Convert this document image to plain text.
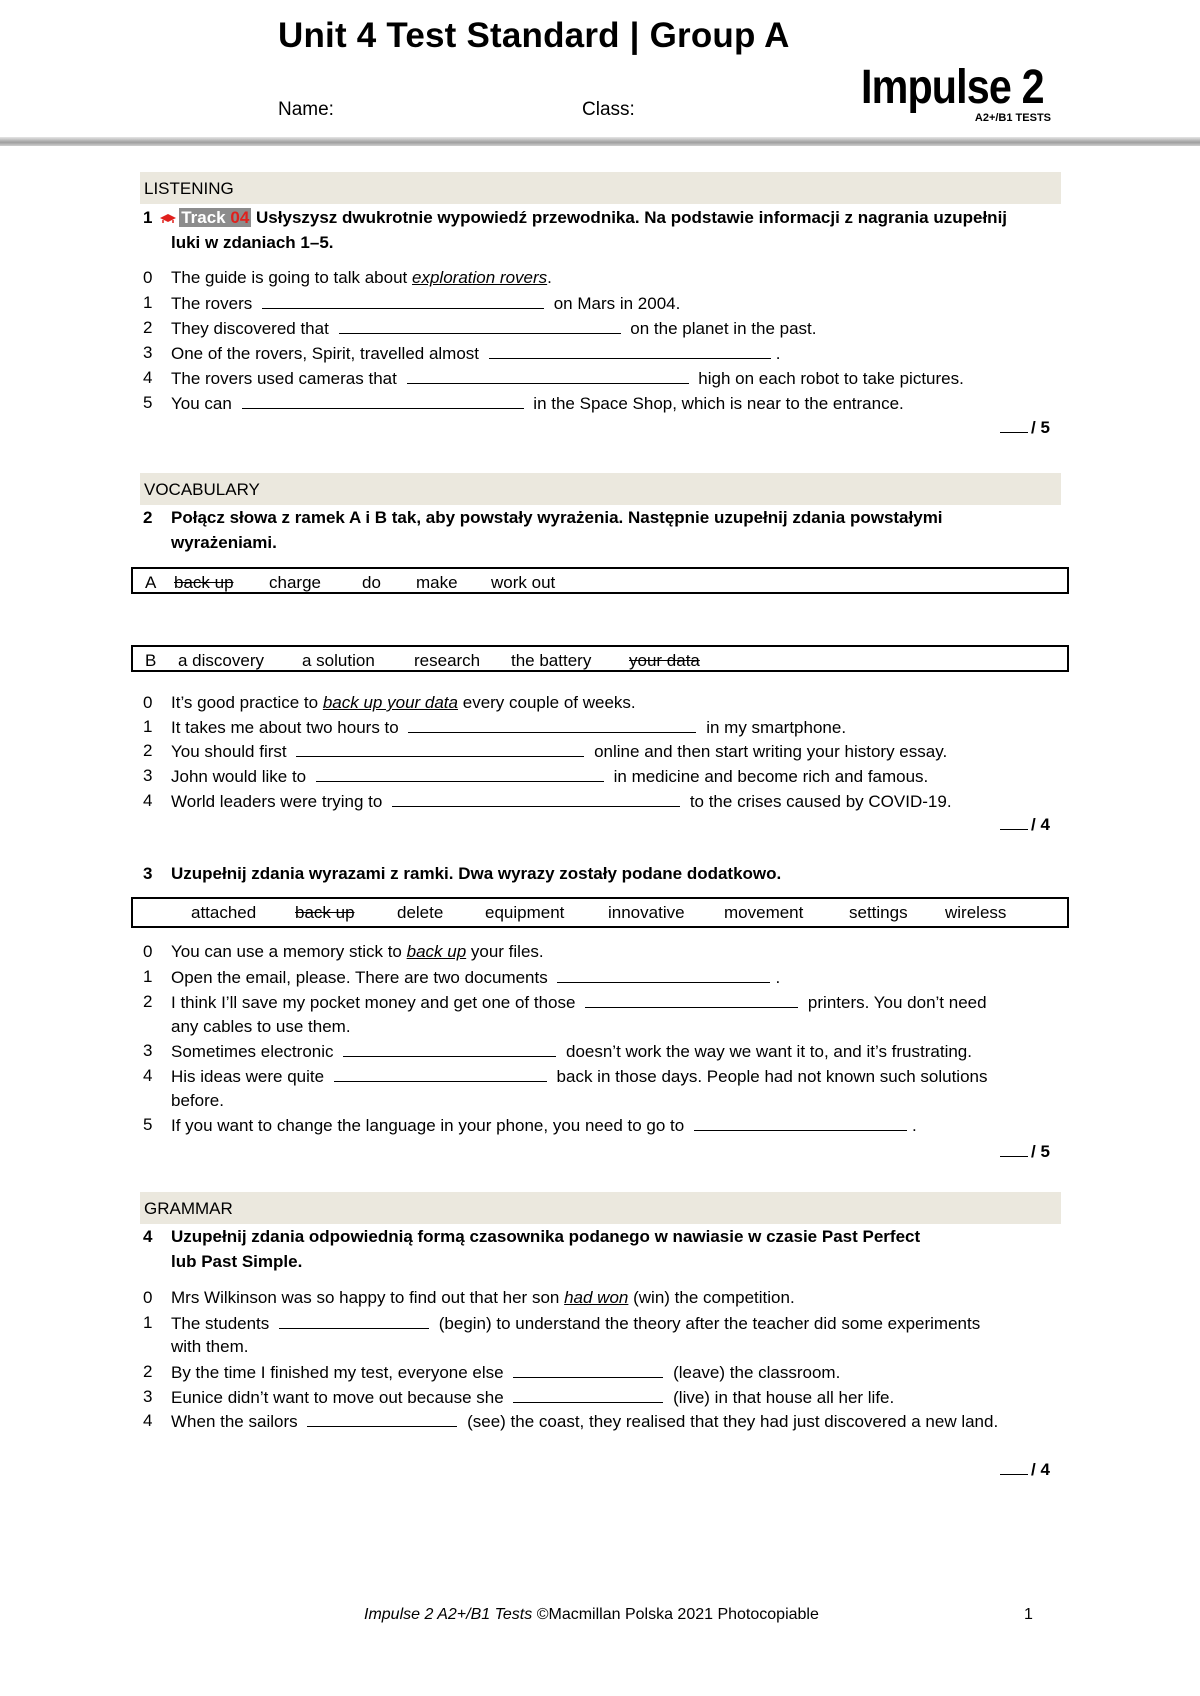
Unit 4 Test Standard | Group A
Name:	Class:	Impulse 2
A2+/B1 TESTS
LISTENING
1 Track 04 Usłyszysz dwukrotnie wypowiedź przewodnika. Na podstawie informacji z nagrania uzupełnij
luki w zdaniach 1–5.
0 The guide is going to talk about exploration rovers.
1 The rovers	on Mars in 2004.
2 They discovered that	on the planet in the past.
3 One of the rovers, Spirit, travelled almost	.
4 The rovers used cameras that	high on each robot to take pictures.
5 You can	in the Space Shop, which is near to the entrance.
/ 5
VOCABULARY
2 Połącz słowa z ramek A i B tak, aby powstały wyrażenia. Następnie uzupełnij zdania powstałymi
wyrażeniami.
A back up charge do make work out
B a discovery a solution research the battery your data
0 It’s good practice to back up your data every couple of weeks.
1 It takes me about two hours to	in my smartphone.
2 You should first	online and then start writing your history essay.
3 John would like to	in medicine and become rich and famous.
4 World leaders were trying to	to the crises caused by COVID-19.
/ 4
3 Uzupełnij zdania wyrazami z ramki. Dwa wyrazy zostały podane dodatkowo.
attached back up delete equipment	innovative movement	settings wireless
0 You can use a memory stick to back up your files.
1 Open the email, please. There are two documents	.
2 I think I’ll save my pocket money and get one of those	printers. You don’t need
any cables to use them.
3 Sometimes electronic	doesn’t work the way we want it to, and it’s frustrating.
4 His ideas were quite	back in those days. People had not known such solutions
before.
5 If you want to change the language in your phone, you need to go to	.
/ 5
GRAMMAR
4 Uzupełnij zdania odpowiednią formą czasownika podanego w nawiasie w czasie Past Perfect
lub Past Simple.
0 Mrs Wilkinson was so happy to find out that her son had won (win) the competition.
1 The students	(begin) to understand the theory after the teacher did some experiments
with them.
2 By the time I finished my test, everyone else	(leave) the classroom.
3 Eunice didn’t want to move out because she	(live) in that house all her life.
4 When the sailors	(see) the coast, they realised that they had just discovered a new land.
/ 4
Impulse 2 A2+/B1 Tests ©Macmillan Polska 2021 Photocopiable	1
